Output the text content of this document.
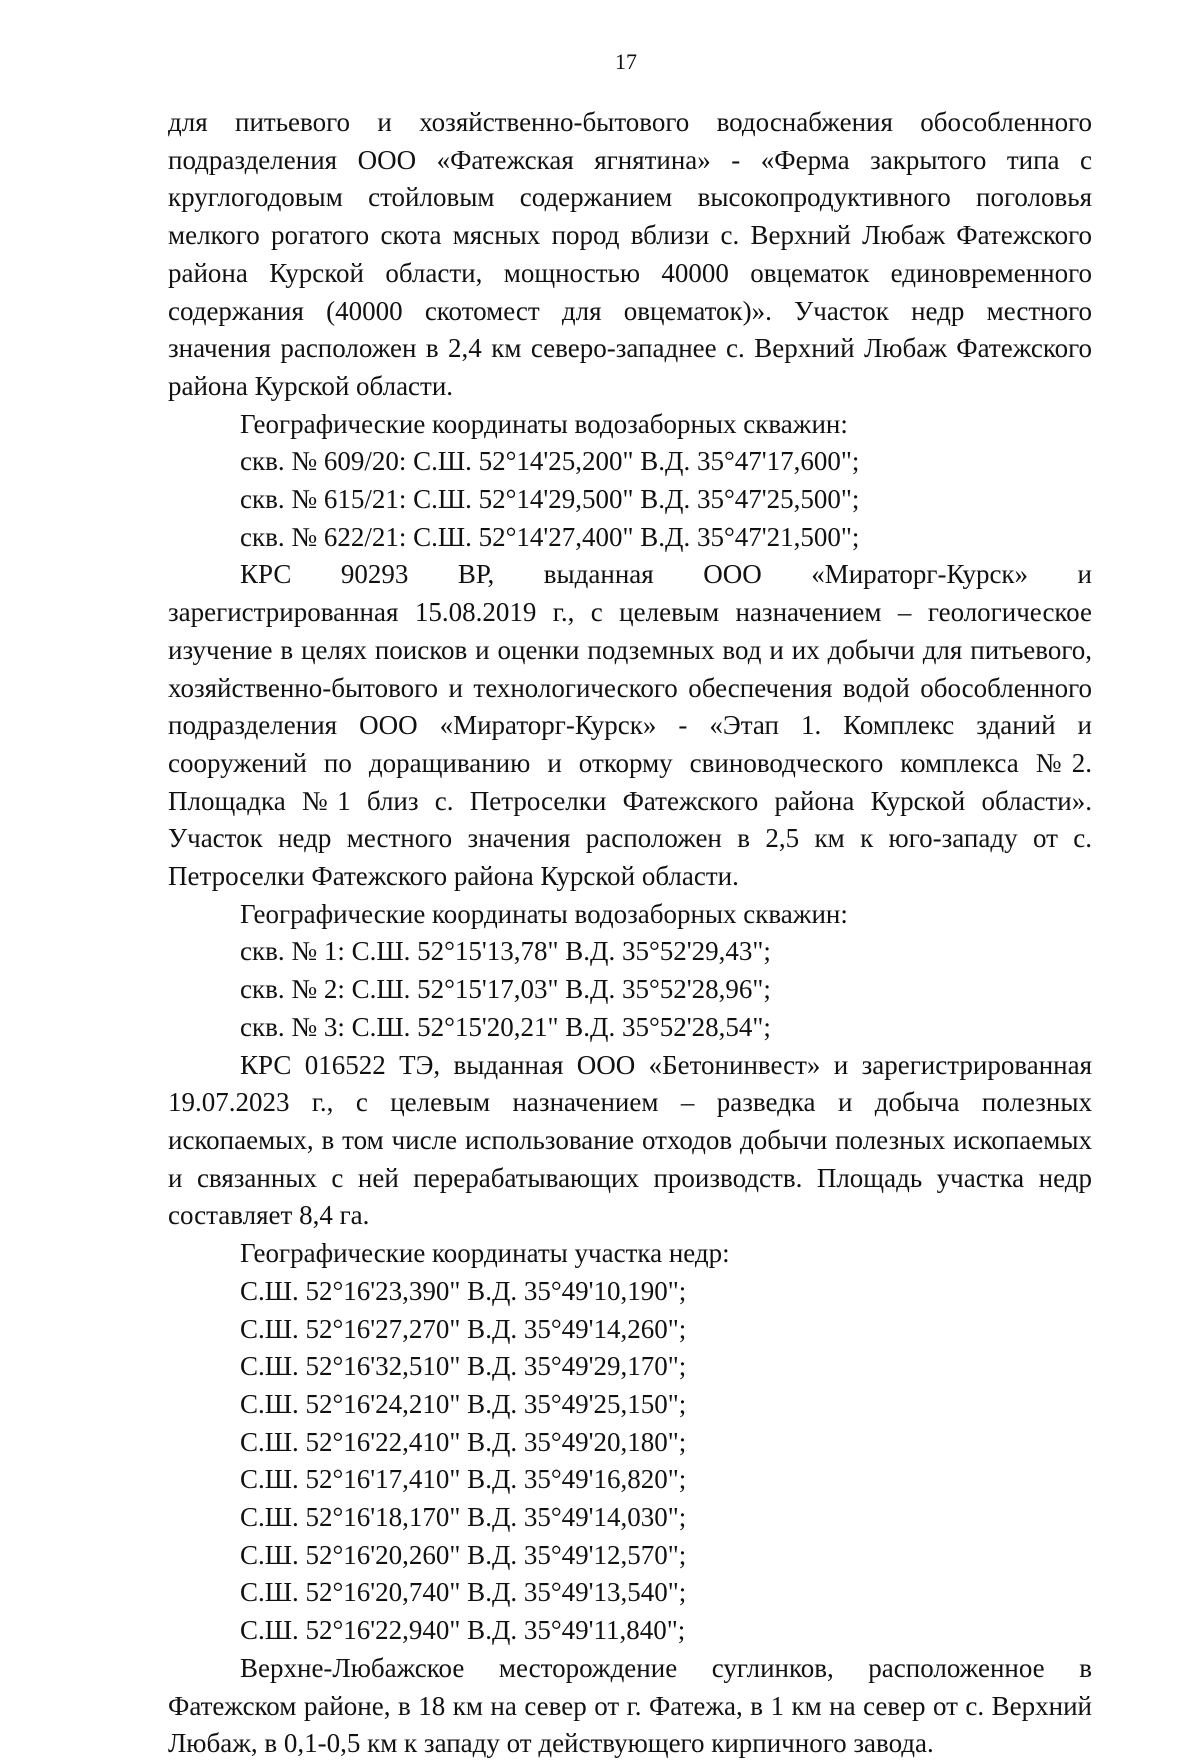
17

для питьевого и хозяйственно-бытового водоснабжения обособленного подразделения ООО «Фатежская ягнятина» - «Ферма закрытого типа с круглогодовым стойловым содержанием высокопродуктивного поголовья мелкого рогатого скота мясных пород вблизи с. Верхний Любаж Фатежского района Курской области, мощностью 40000 овцематок единовременного содержания (40000 скотомест для овцематок)». Участок недр местного значения расположен в 2,4 км северо-западнее с. Верхний Любаж Фатежского района Курской области.

Географические координаты водозаборных скважин:
скв. № 609/20: С.Ш. 52°14'25,200" В.Д. 35°47'17,600";
скв. № 615/21: С.Ш. 52°14'29,500" В.Д. 35°47'25,500";
скв. № 622/21: С.Ш. 52°14'27,400" В.Д. 35°47'21,500";

КРС 90293 ВР, выданная ООО «Мираторг-Курск» и

зарегистрированная 15.08.2019 г., с целевым назначением – геологическое изучение в целях поисков и оценки подземных вод и их добычи для питьевого, хозяйственно-бытового и технологического обеспечения водой обособленного подразделения ООО «Мираторг-Курск» - «Этап 1. Комплекс зданий и сооружений по доращиванию и откорму свиноводческого комплекса №2. Площадка №1 близ с. Петроселки Фатежского района Курской области». Участок недр местного значения расположен в 2,5 км к юго-западу от с. Петроселки Фатежского района Курской области.

Географические координаты водозаборных скважин:
скв. № 1: С.Ш. 52°15'13,78" В.Д. 35°52'29,43";
скв. № 2: С.Ш. 52°15'17,03" В.Д. 35°52'28,96";
скв. № 3: С.Ш. 52°15'20,21" В.Д. 35°52'28,54";

КРС 016522 ТЭ, выданная ООО «Бетонинвест» и зарегистрированная 19.07.2023 г., с целевым назначением – разведка и добыча полезных ископаемых, в том числе использование отходов добычи полезных ископаемых и связанных с ней перерабатывающих производств. Площадь участка недр составляет 8,4 га.

Географические координаты участка недр:
С.Ш. 52°16'23,390" В.Д. 35°49'10,190";
С.Ш. 52°16'27,270" В.Д. 35°49'14,260";
С.Ш. 52°16'32,510" В.Д. 35°49'29,170";
С.Ш. 52°16'24,210" В.Д. 35°49'25,150";
С.Ш. 52°16'22,410" В.Д. 35°49'20,180";
С.Ш. 52°16'17,410" В.Д. 35°49'16,820";
С.Ш. 52°16'18,170" В.Д. 35°49'14,030";
С.Ш. 52°16'20,260" В.Д. 35°49'12,570";
С.Ш. 52°16'20,740" В.Д. 35°49'13,540";
С.Ш. 52°16'22,940" В.Д. 35°49'11,840";

Верхне-Любажское месторождение суглинков, расположенное в Фатежском районе, в 18 км на север от г. Фатежа, в 1 км на север от с. Верхний Любаж, в 0,1-0,5 км к западу от действующего кирпичного завода.
